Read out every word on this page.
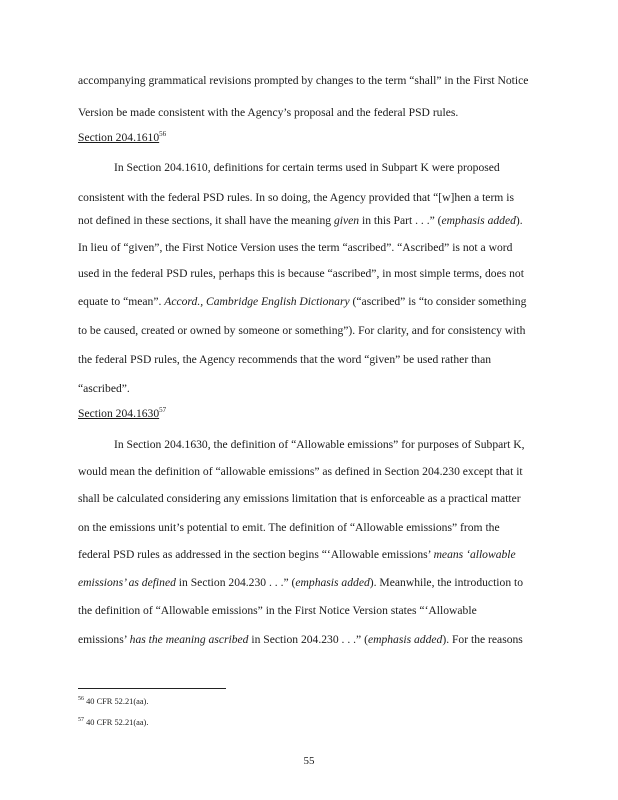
accompanying grammatical revisions prompted by changes to the term “shall” in the First Notice
Version be made consistent with the Agency’s proposal and the federal PSD rules.
Section 204.1610$^{56}$
In Section 204.1610, definitions for certain terms used in Subpart K were proposed
consistent with the federal PSD rules. In so doing, the Agency provided that “[w]hen a term is
not defined in these sections, it shall have the meaning given in this Part . . .” (emphasis added).
In lieu of “given”, the First Notice Version uses the term “ascribed”. “Ascribed” is not a word
used in the federal PSD rules, perhaps this is because “ascribed”, in most simple terms, does not
equate to “mean”. Accord., Cambridge English Dictionary (“ascribed” is “to consider something
to be caused, created or owned by someone or something”). For clarity, and for consistency with
the federal PSD rules, the Agency recommends that the word “given” be used rather than
“ascribed”.
Section 204.1630$^{57}$
In Section 204.1630, the definition of “Allowable emissions” for purposes of Subpart K,
would mean the definition of “allowable emissions” as defined in Section 204.230 except that it
shall be calculated considering any emissions limitation that is enforceable as a practical matter
on the emissions unit’s potential to emit. The definition of “Allowable emissions” from the
federal PSD rules as addressed in the section begins “‘Allowable emissions’ means ‘allowable
emissions’ as defined in Section 204.230 . . .” (emphasis added). Meanwhile, the introduction to
the definition of “Allowable emissions” in the First Notice Version states “‘Allowable
emissions’ has the meaning ascribed in Section 204.230 . . .” (emphasis added). For the reasons
$^{56}$ 40 CFR 52.21(aa).
$^{57}$ 40 CFR 52.21(aa).
55
